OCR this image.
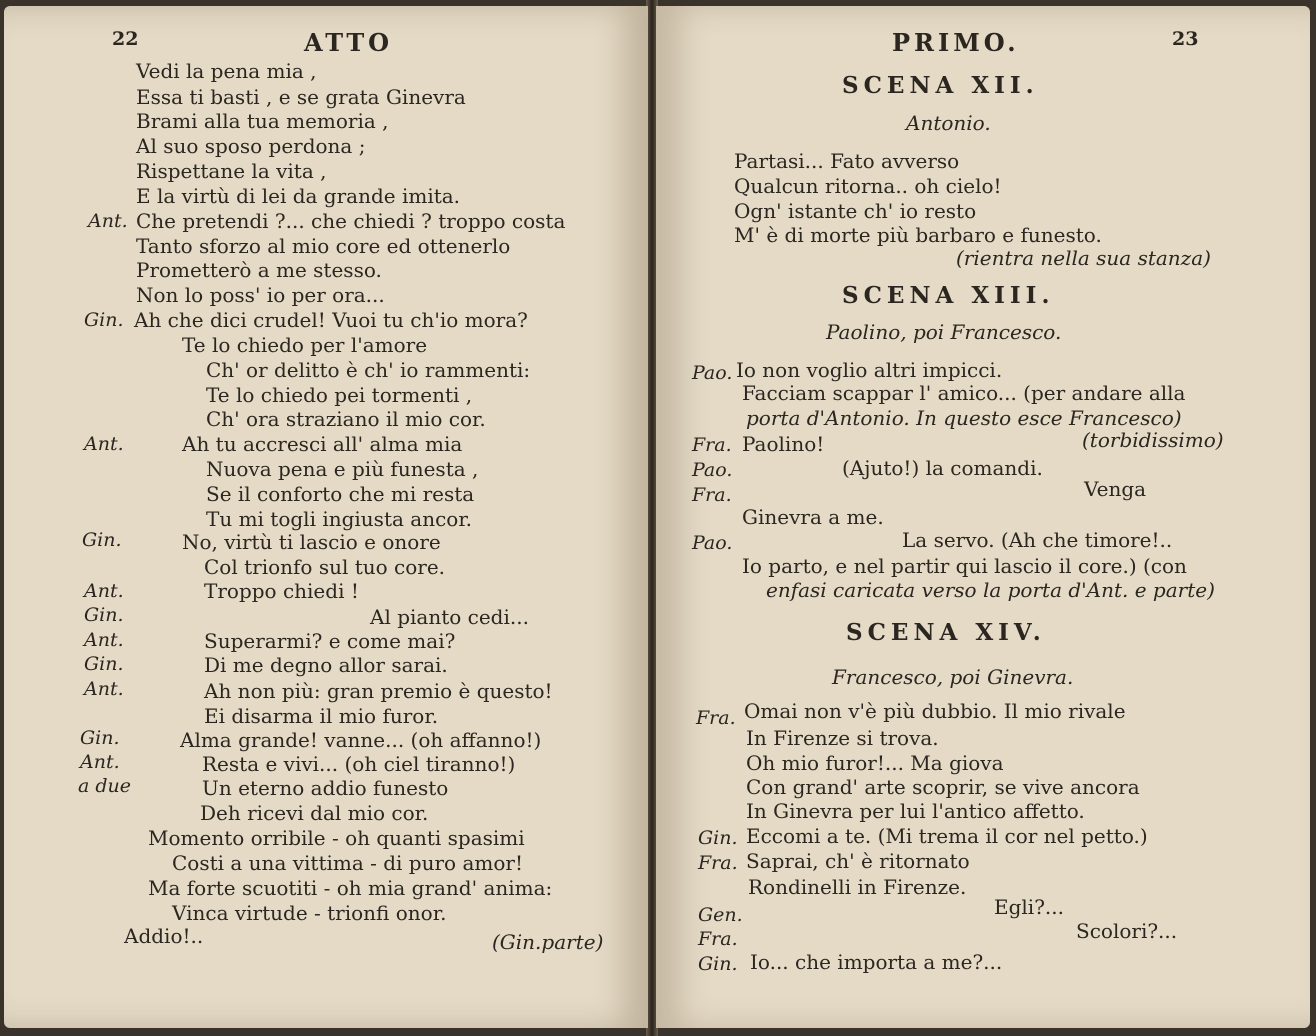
22	ATTO
Vedi la pena mia ,
Essa ti basti , e se grata Ginevra
Brami alla tua memoria ,
Al suo sposo perdona ;
Rispettane la vita ,
E la virtù di lei da grande imita.
Ant. Che pretendi ?... che chiedi ? troppo costa
Tanto sforzo al mio core ed ottenerlo
Prometterò a me stesso.
Non lo poss' io per ora...
Gin. Ah che dici crudel! Vuoi tu ch'io mora?
Te lo chiedo per l'amore
Ch' or delitto è ch' io rammenti:
Te lo chiedo pei tormenti ,
Ch' ora straziano il mio cor.
Ant.	Ah tu accresci all' alma mia
Nuova pena e più funesta ,
Se il conforto che mi resta
Tu mi togli ingiusta ancor.
Gin.	No, virtù ti lascio e onore
Col trionfo sul tuo core.
Ant.	Troppo chiedi !
Gin.	Al pianto cedi...
Ant.	Superarmi? e come mai?
Gin.	Di me degno allor sarai.
Ant.	Ah non più: gran premio è questo!
Ei disarma il mio furor.
Gin.	Alma grande! vanne... (oh affanno!)
Ant.	Resta e vivi... (oh ciel tiranno!)
a due	Un eterno addio funesto
Deh ricevi dal mio cor.
Momento orribile - oh quanti spasimi
Costi a una vittima - di puro amor!
Ma forte scuotiti - oh mia grand' anima:
Vinca virtude - trionfi onor.
Addio!..	(Gin.parte)
PRIMO.	23
SCENA XII.
Antonio.
Partasi... Fato avverso
Qualcun ritorna.. oh cielo!
Ogn' istante ch' io resto
M' è di morte più barbaro e funesto.
(rientra nella sua stanza)
SCENA XIII.
Paolino, poi Francesco.
Pao. Io non voglio altri impicci.
Facciam scappar l' amico... (per andare alla
porta d'Antonio. In questo esce Francesco)
Fra. Paolino!	(torbidissimo)
Pao.	(Ajuto!) la comandi.
Fra.	Venga
Ginevra a me.
Pao.	La servo. (Ah che timore!..
Io parto, e nel partir qui lascio il core.) (con
enfasi caricata verso la porta d'Ant. e parte)
SCENA XIV.
Francesco, poi Ginevra.
Fra. Omai non v'è più dubbio. Il mio rivale
In Firenze si trova.
Oh mio furor!... Ma giova
Con grand' arte scoprir, se vive ancora
In Ginevra per lui l'antico affetto.
Gin. Eccomi a te. (Mi trema il cor nel petto.)
Fra. Saprai, ch' è ritornato
Rondinelli in Firenze.
Gen.	Egli?...
Fra.	Scolori?...
Gin. Io... che importa a me?...
